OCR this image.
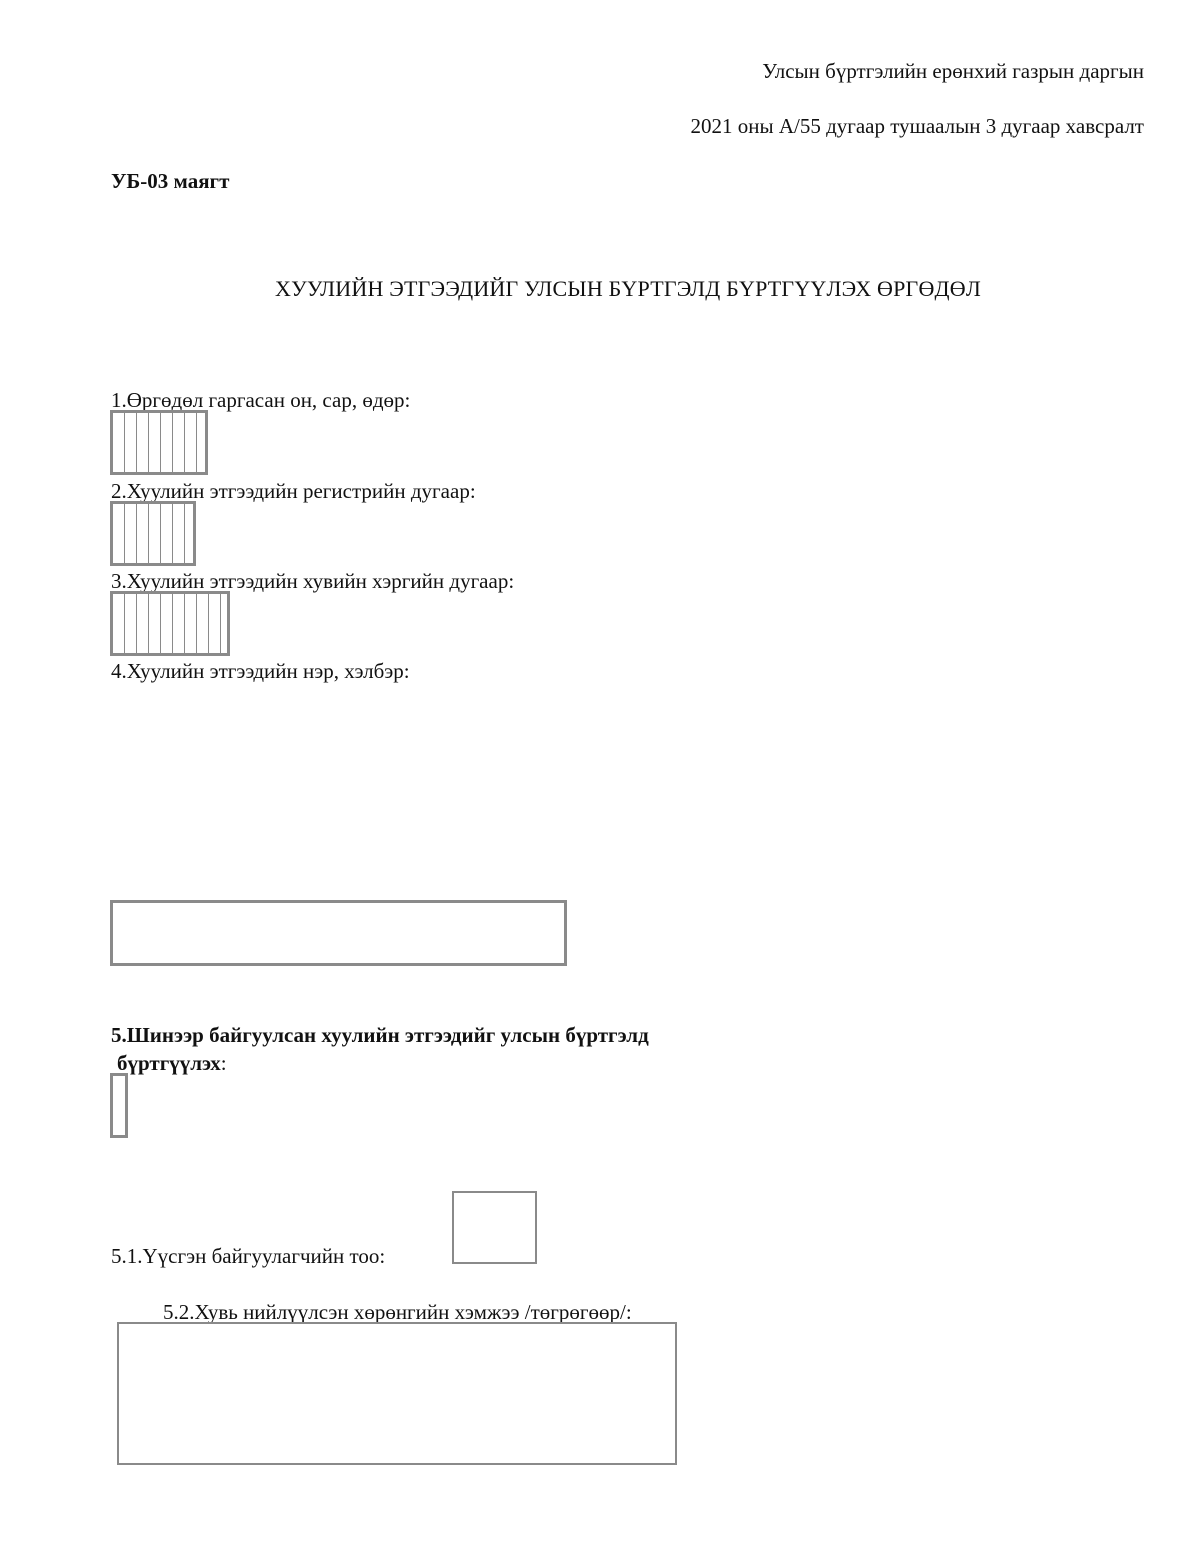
Улсын бүртгэлийн ерөнхий газрын даргын
2021 оны А/55 дугаар тушаалын 3 дугаар хавсралт
УБ-03 маягт
ХУУЛИЙН ЭТГЭЭДИЙГ УЛСЫН БҮРТГЭЛД БҮРТГҮҮЛЭХ ӨРГӨДӨЛ
1.Өргөдөл гаргасан он, сар, өдөр:
2.Хуулийн этгээдийн регистрийн дугаар:
3.Хуулийн этгээдийн хувийн хэргийн дугаар:
4.Хуулийн этгээдийн нэр, хэлбэр:
5.Шинээр байгуулсан хуулийн этгээдийг улсын бүртгэлд
бүртгүүлэх:
5.1.Үүсгэн байгуулагчийн тоо:
5.2.Хувь нийлүүлсэн хөрөнгийн хэмжээ /төгрөгөөр/:
